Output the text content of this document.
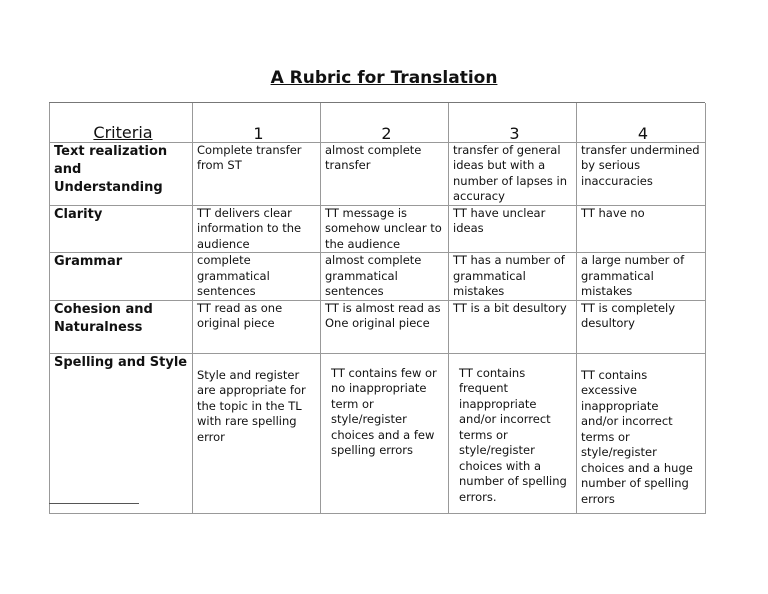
A Rubric for Translation
Criteria	1	2	3	4
Text realization and Understanding	Complete transfer from ST	almost complete transfer	transfer of general ideas but with a number of lapses in accuracy	transfer undermined by serious inaccuracies
Clarity	TT delivers clear information to the audience	TT message is somehow unclear to the audience	TT have unclear ideas	TT have no
Grammar	complete grammatical sentences	almost complete grammatical sentences	TT has a number of grammatical mistakes	a large number of grammatical mistakes
Cohesion and Naturalness	TT read as one original piece	TT is almost read as One original piece	TT is a bit desultory	TT is completely desultory
Spelling and Style	Style and register are appropriate for the topic in the TL with rare spelling error	TT contains few or no inappropriate term or style/register choices and a few spelling errors	TT contains frequent inappropriate and/or incorrect terms or style/register choices with a number of spelling errors.	TT contains excessive inappropriate and/or incorrect terms or style/register choices and a huge number of spelling errors
